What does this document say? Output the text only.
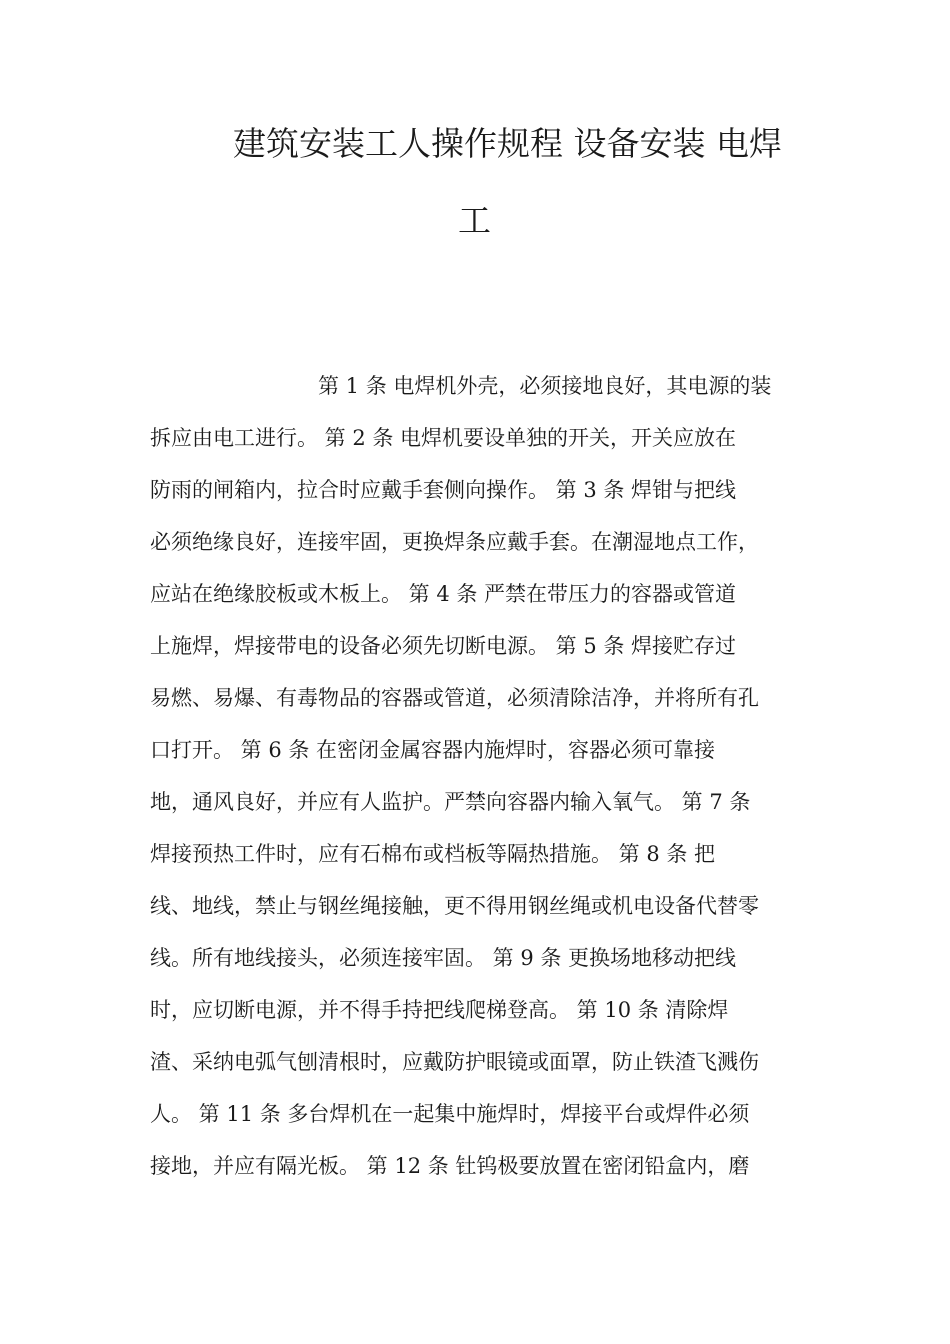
建筑安装工人操作规程 设备安装 电焊
工
第 1 条 电焊机外壳，必须接地良好，其电源的装
拆应由电工进行。 第 2 条 电焊机要设单独的开关，开关应放在
防雨的闸箱内，拉合时应戴手套侧向操作。 第 3 条 焊钳与把线
必须绝缘良好，连接牢固，更换焊条应戴手套。在潮湿地点工作，
应站在绝缘胶板或木板上。 第 4 条 严禁在带压力的容器或管道
上施焊，焊接带电的设备必须先切断电源。 第 5 条 焊接贮存过
易燃、易爆、有毒物品的容器或管道，必须清除洁净，并将所有孔
口打开。 第 6 条 在密闭金属容器内施焊时，容器必须可靠接
地，通风良好，并应有人监护。严禁向容器内输入氧气。 第 7 条
焊接预热工件时，应有石棉布或档板等隔热措施。 第 8 条 把
线、地线，禁止与钢丝绳接触，更不得用钢丝绳或机电设备代替零
线。所有地线接头，必须连接牢固。 第 9 条 更换场地移动把线
时，应切断电源，并不得手持把线爬梯登高。 第 10 条 清除焊
渣、采纳电弧气刨清根时，应戴防护眼镜或面罩，防止铁渣飞溅伤
人。 第 11 条 多台焊机在一起集中施焊时，焊接平台或焊件必须
接地，并应有隔光板。 第 12 条 钍钨极要放置在密闭铅盒内，磨
